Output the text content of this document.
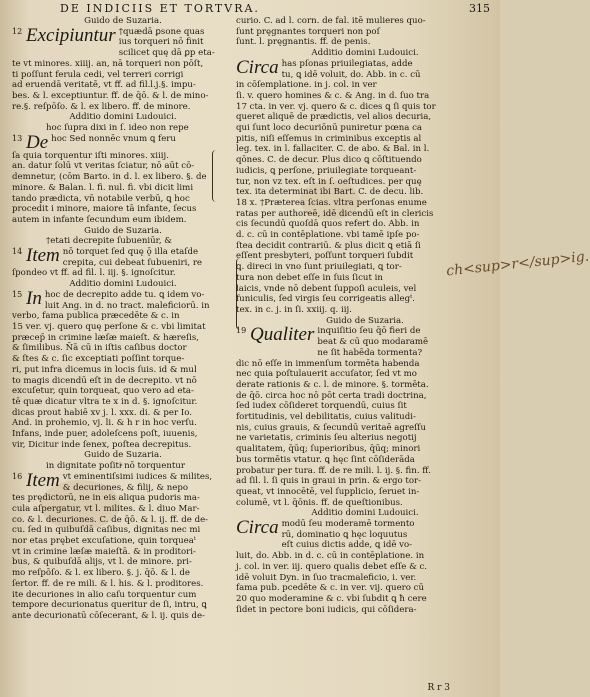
DE INDICIIS ET TORTVRA.	315
Guido de Suzaria.
12 Excipiuntur †quædā ꝑsone quas
ius torqueri nō finit
scilicet quę dā ꝑp eta-
te vt minores. xiiij. an, nā torqueri non pōſt,
ti poſſunt ferula cedi, vel terreri corrigi
ad eruendā veritatē, vt ff. ad fil.l.j.§. impu-
bes. & l. exceptiuntur. ff. de q̄ō. & l. de mino-
re.§. reſpōſo. & l. ex libero. ff. de minore.
Additio domini Ludouici.
hoc ſupra dixi in ſ. ideo non repe
13 De hoc Sed nonnēc vnum ꝗ feru
ſa quia torquentur iſti minores. xiiij.
an. datur ſolū vt veritas ſciatur, nō aūt cō-
demnetur, (cōm Barto. in d. l. ex libero. §. de
minore. & Balan. l. fi. nul. fi. vbi dicit limi
tando prædicta, vn̄ notabile verbū, ꝗ hoc
procedit i minore, maiore tā infante, ſecus
autem in infante ſecundum eum ibidem.
Guido de Suzaria.
†etati decrepite ſubueniūr, &
14 Item nō torquet ſed quę ǭ illa etaſde
crepita, cui debeat ſubueniri, re
ſpondeo vt ff. ad fil. l. iij. §. ignoſcitur.
Additio domini Ludouici.
15 In hoc de decrepito adde tu. ꝗ idem vo-
luit Ang. in d. no tract. maleficiorū. in
verbo, fama publica præcedēte & c. in
15 ver. vj. quero quę perſone & c. vbi limitat
præcep̄ in crimine læſæ maieſt. & hæreſis,
& ſimilibus. N̄ā cū in iſtis caſibus doctor
& ſtes & c. ſic exceptiati poſſint torque-
ri, put infra dicemus in locis ſuis. id & mul
to magis dicendū eſt in de decrepito. vt nō
excuſetur, quin torqueat, quo vero ad eta-
tē quæ dicatur vltra te x in d. §. ignoſcitur.
dicas prout habiē xv j. l. xxx. di. & per Io.
And. in prohemio, vj. li. & h r in hoc verſu.
Infans, inde puer, adoleſcens poſt, iuuenis,
vir, Dicitur inde ſenex, poſtea decrepitus.
Guido de Suzaria.
in dignitate poſitiͣ nō torquentur
16 Item vt eminentiſsimi iudices & milites,
& decuriones, & filij, & nepo
tes prędictorū, ne in eis aliqua pudoris ma-
cula aſpergatur, vt l. milites. & l. diuo Mar-
co. & l. decuriones. C. de q̄ō. & l. ij. ff. de de-
cu. ſed in quibuſdā caſibus, dignitas nec mi
nor etas prębet excuſatione, quin torqueaᵗ
vt in crimine læſæ maieſtā. & in proditori-
bus, & quibuſdā alijs, vt l. de minore. pri-
mo reſpōſo. & l. ex libero. §. j. q̄ō. & l. de
ſertor. ff. de re mili. & l. his. & l. proditores.
ite decuriones in alio caſu torquentur cum
tempore decurionatus queritur de ſi, intru, ꝗ
ante decurionatū cōſecerant, & l. ij. quis de-
curio. C. ad l. corn. de fal. itē mulieres quo-
ſunt pręgnantes torqueri non poſ
ſunt. l. pręgnantis. ff. de penis.
Additio domini Ludouici.
Circa has pſonas priuilegiatas, adde
tu, ꝗ idē voluit, do. Abb. in c. cū
in cōſemplatione. in j. col. in ver
ſi. v. quero homines & c. & Ang. in d. ſuo tra
17 cta. in ver. vj. quero & c. dices ꝗ ſi quis tor
queret aliquē de prædictis, vel alios decuria,
qui ſunt loco decuriōnū puniretur pœna ca
pitis, niſi eſſemus in criminibus exceptis al
leg. tex. in l. fallaciter. C. de abo. & Bal. in l.
qōnes. C. de decur. Plus dico ꝗ cōſtituendo
iudicis, ꝗ perſone, priuilegiate torqueant-
tur, non vz tex. eſt in ſ. oeſtudices. per quę
tex. ita determinat ibi Bart. C. de decu. lib.
18 x. †Præterea ſcias. vltra perſonas enume
ratas per authoreē, idē dicendū eſt in clericis
cis ſecundū quoſdā quos refert do. Abb. in
d. c. cū in contēplatione. vbi tamē ipſe po-
ſtea decidit contrariū. & plus dicit ꝗ etiā ſi
eſſent presbyteri, poſſunt torqueri ſubdit
ꝗ. direci in vno ſunt priuilegiati, ꝗ tor-
tura non debet eſſe in ſuis ſicut in
laicis, vnde nō debent ſuppoſi aculeis, vel
funiculis, ſed virgis ſeu corrigeatis allegᵗ.
tex. in c. j. in ſi. xxiij. q. iij.
Guido de Suzaria.
19 Qualiter inquiſitio ſeu q̄ō fieri de
beat & cū quo modaramē
ne ſit habēda tormenta?
dic nō eſſe in immenſum tormēta habenda
nec quia poſtulauerit accuſator, ſed vt mo
derate rationis & c. l. de minore. §. tormēta.
de q̄ō. circa hoc nō pōt certa tradi doctrina,
ſed iudex cōſideret torquendū, cuius ſit
fortitudinis, vel debilitatis, cuius valitudi-
nis, cuius grauis, & ſecundū veritaē agreſſu
ne varietatis, criminis ſeu alterius negotij
qualitatem, q̄ūq; ſuperioribus, q̄ūq; minori
bus tormētis vtatur. ꝗ hęc ſint cōſiderāda
probatur per tura. ff. de re mili. l. ij. §. fin. ff.
ad ſil. l. ſi quis in graui in prin. & ergo tor-
queat, vt innocētē, vel ſupplicio, ſeruet in-
columē, vt l. q̄ōnis. ff. de queſtionibus.
Additio domini Ludouici.
Circa modū ſeu moderamē tormento
rū, dominatio ꝗ hęc loquutus
eſt cuius dictis adde, ꝗ idē vo-
luit, do. Abb. in d. c. cū in contēplatione. in
j. col. in ver. iij. quero qualis debet eſſe & c.
idē voluit Dyn. in ſuo tracmaleficio, i. ver.
fama pub. pcedēte & c. in ver. vij. quero cū
20 quo moderamine & c. vbi ſubdit ꝗ ħ cere
ſidet in pectore boni iudicis, qui cōſidera-
ch<sup>r</sup>ig.
R r 3
